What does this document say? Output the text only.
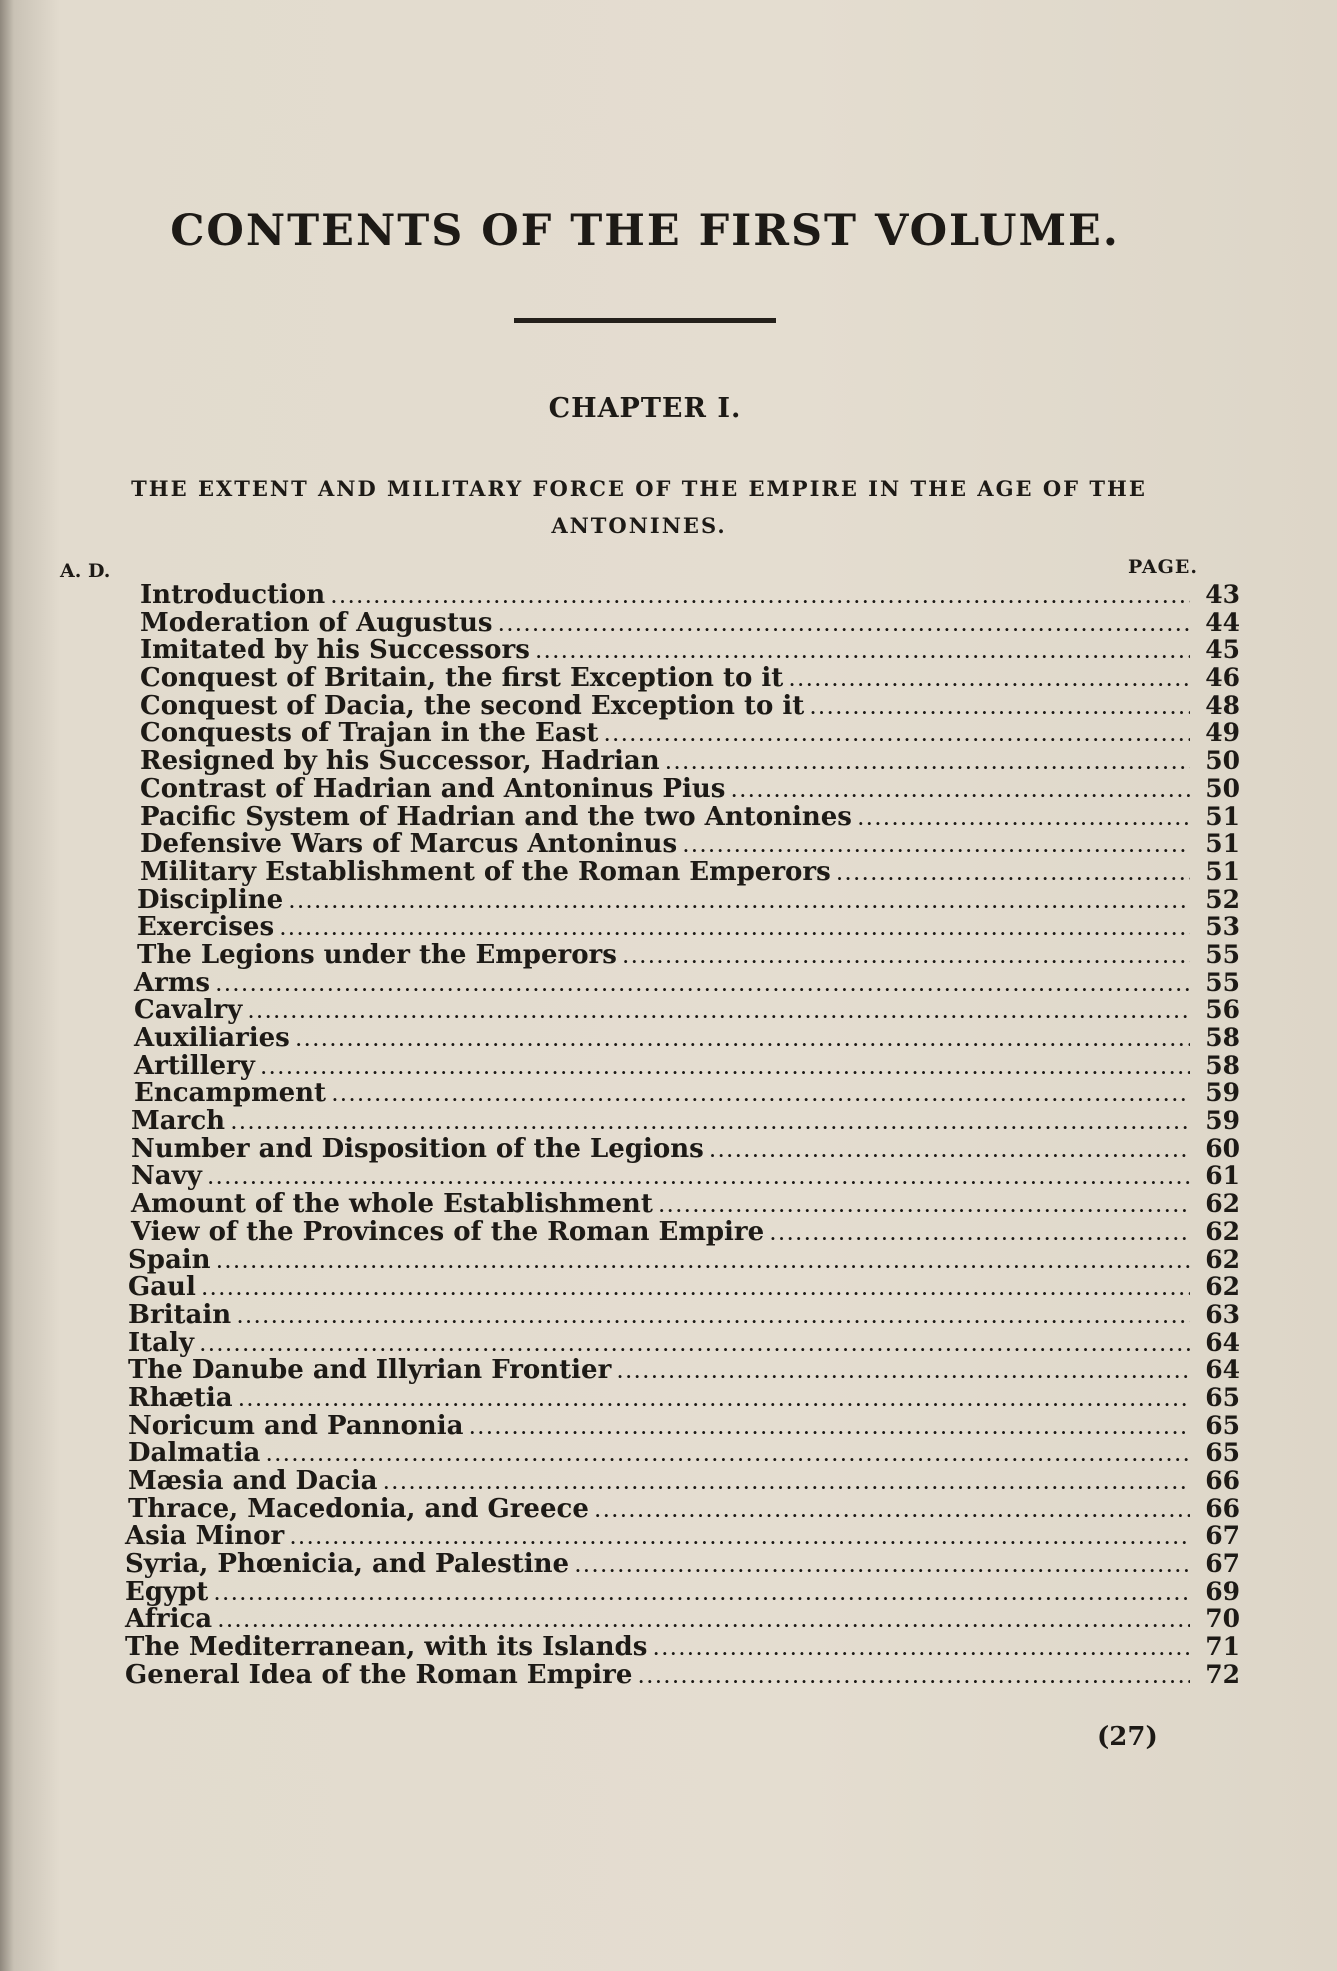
CONTENTS OF THE FIRST VOLUME.
CHAPTER I.
THE EXTENT AND MILITARY FORCE OF THE EMPIRE IN THE AGE OF THE ANTONINES.
A. D.	PAGE.
Introduction .....	43
Moderation of Augustus .....	44
Imitated by his Successors .....	45
Conquest of Britain, the first Exception to it .....	46
Conquest of Dacia, the second Exception to it .....	48
Conquests of Trajan in the East .....	49
Resigned by his Successor, Hadrian .....	50
Contrast of Hadrian and Antoninus Pius .....	50
Pacific System of Hadrian and the two Antonines .....	51
Defensive Wars of Marcus Antoninus .....	51
Military Establishment of the Roman Emperors .....	51
Discipline .....	52
Exercises .....	53
The Legions under the Emperors .....	55
Arms .....	55
Cavalry .....	56
Auxiliaries .....	58
Artillery .....	58
Encampment .....	59
March .....	59
Number and Disposition of the Legions .....	60
Navy .....	61
Amount of the whole Establishment .....	62
View of the Provinces of the Roman Empire .....	62
Spain .....	62
Gaul .....	62
Britain .....	63
Italy .....	64
The Danube and Illyrian Frontier .....	64
Rhætia .....	65
Noricum and Pannonia .....	65
Dalmatia .....	65
Mæsia and Dacia .....	66
Thrace, Macedonia, and Greece .....	66
Asia Minor .....	67
Syria, Phœnicia, and Palestine .....	67
Egypt .....	69
Africa .....	70
The Mediterranean, with its Islands .....	71
General Idea of the Roman Empire .....	72
(27)
